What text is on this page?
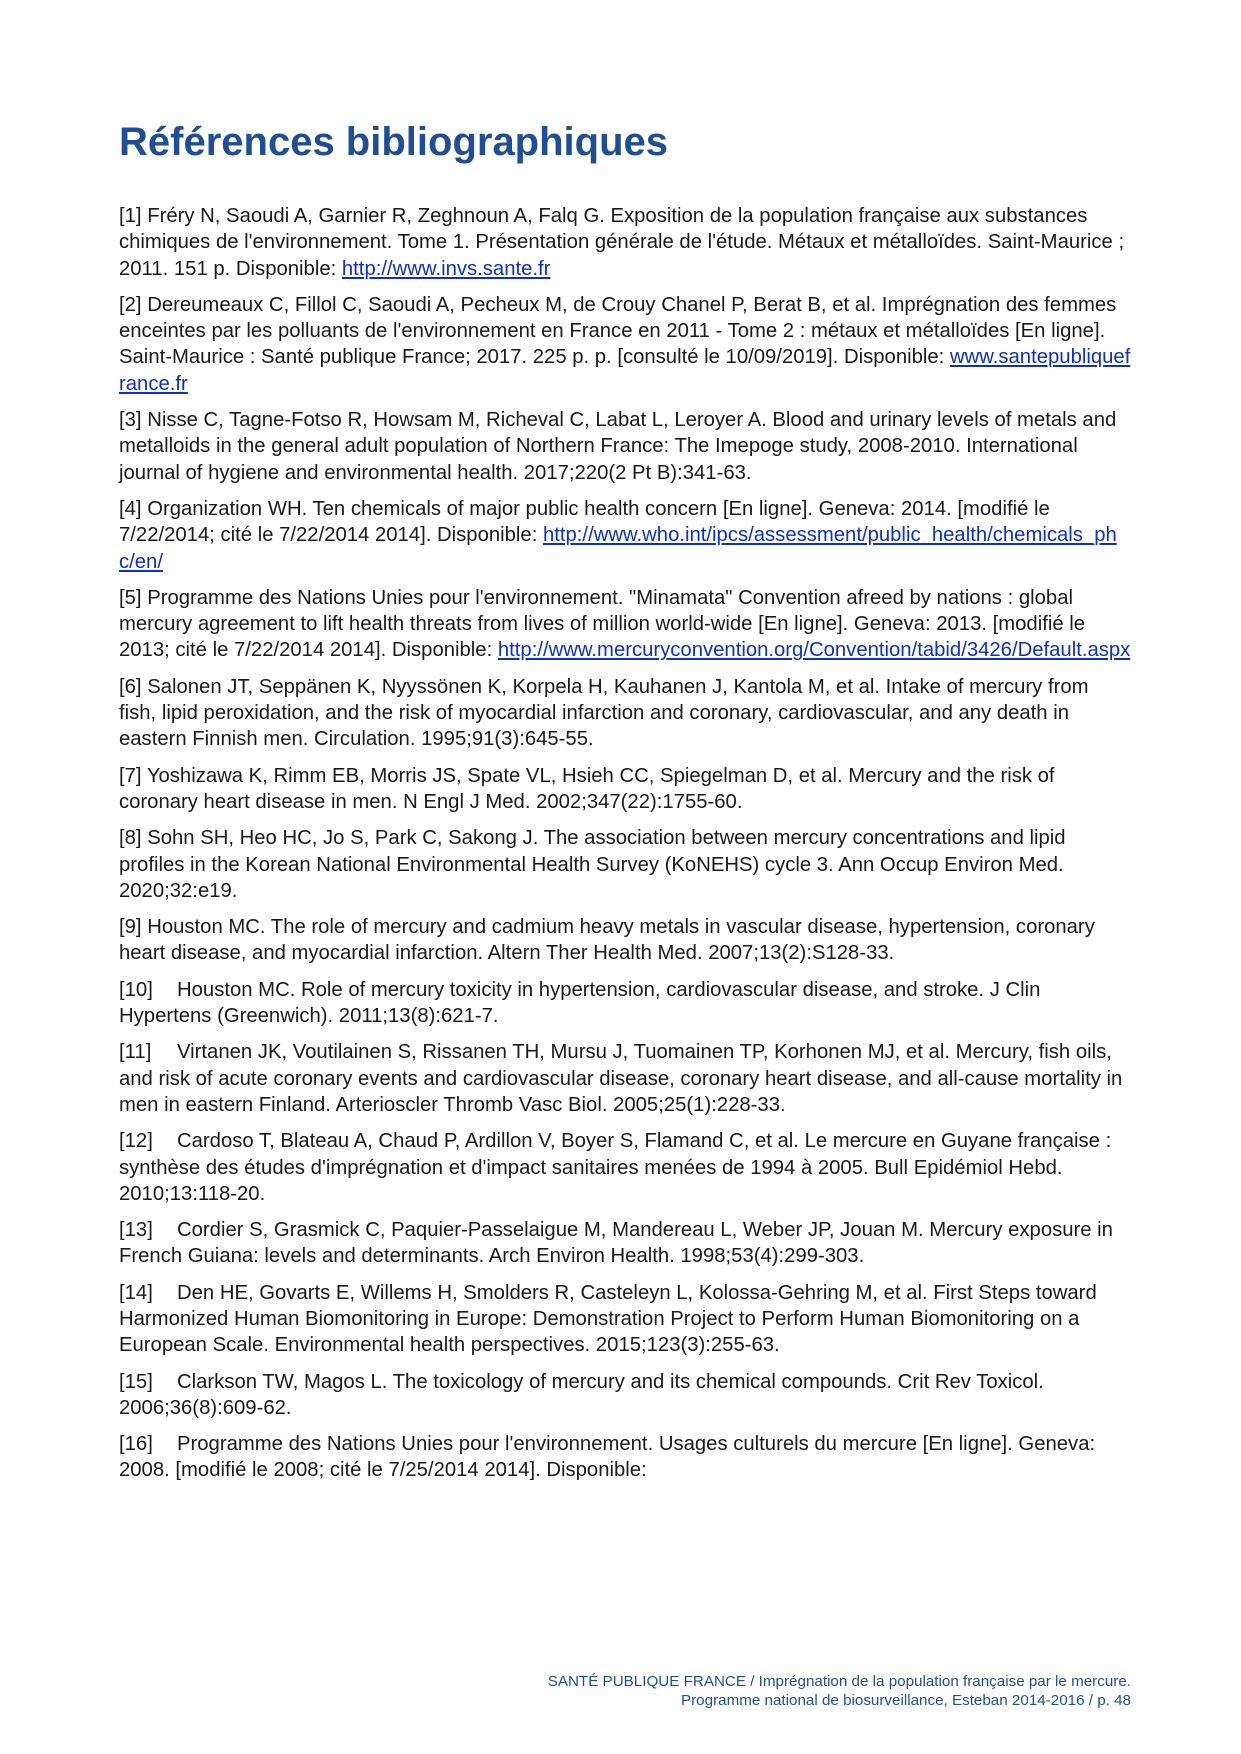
Références bibliographiques
[1] Fréry N, Saoudi A, Garnier R, Zeghnoun A, Falq G. Exposition de la population française aux substances chimiques de l'environnement. Tome 1. Présentation générale de l'étude. Métaux et métalloïdes. Saint-Maurice ; 2011. 151 p. Disponible: http://www.invs.sante.fr
[2] Dereumeaux C, Fillol C, Saoudi A, Pecheux M, de Crouy Chanel P, Berat B, et al. Imprégnation des femmes enceintes par les polluants de l'environnement en France en 2011 - Tome 2 : métaux et métalloïdes [En ligne]. Saint-Maurice : Santé publique France; 2017. 225 p. p. [consulté le 10/09/2019]. Disponible: www.santepubliquefrance.fr
[3] Nisse C, Tagne-Fotso R, Howsam M, Richeval C, Labat L, Leroyer A. Blood and urinary levels of metals and metalloids in the general adult population of Northern France: The Imepoge study, 2008-2010. International journal of hygiene and environmental health. 2017;220(2 Pt B):341-63.
[4] Organization WH. Ten chemicals of major public health concern [En ligne]. Geneva: 2014. [modifié le 7/22/2014; cité le 7/22/2014 2014]. Disponible: http://www.who.int/ipcs/assessment/public_health/chemicals_phc/en/
[5] Programme des Nations Unies pour l'environnement. "Minamata" Convention afreed by nations : global mercury agreement to lift health threats from lives of million world-wide [En ligne]. Geneva: 2013. [modifié le 2013; cité le 7/22/2014 2014]. Disponible: http://www.mercuryconvention.org/Convention/tabid/3426/Default.aspx
[6] Salonen JT, Seppänen K, Nyyssönen K, Korpela H, Kauhanen J, Kantola M, et al. Intake of mercury from fish, lipid peroxidation, and the risk of myocardial infarction and coronary, cardiovascular, and any death in eastern Finnish men. Circulation. 1995;91(3):645-55.
[7] Yoshizawa K, Rimm EB, Morris JS, Spate VL, Hsieh CC, Spiegelman D, et al. Mercury and the risk of coronary heart disease in men. N Engl J Med. 2002;347(22):1755-60.
[8] Sohn SH, Heo HC, Jo S, Park C, Sakong J. The association between mercury concentrations and lipid profiles in the Korean National Environmental Health Survey (KoNEHS) cycle 3. Ann Occup Environ Med. 2020;32:e19.
[9] Houston MC. The role of mercury and cadmium heavy metals in vascular disease, hypertension, coronary heart disease, and myocardial infarction. Altern Ther Health Med. 2007;13(2):S128-33.
[10] Houston MC. Role of mercury toxicity in hypertension, cardiovascular disease, and stroke. J Clin Hypertens (Greenwich). 2011;13(8):621-7.
[11] Virtanen JK, Voutilainen S, Rissanen TH, Mursu J, Tuomainen TP, Korhonen MJ, et al. Mercury, fish oils, and risk of acute coronary events and cardiovascular disease, coronary heart disease, and all-cause mortality in men in eastern Finland. Arterioscler Thromb Vasc Biol. 2005;25(1):228-33.
[12] Cardoso T, Blateau A, Chaud P, Ardillon V, Boyer S, Flamand C, et al. Le mercure en Guyane française : synthèse des études d'imprégnation et d'impact sanitaires menées de 1994 à 2005. Bull Epidémiol Hebd. 2010;13:118-20.
[13] Cordier S, Grasmick C, Paquier-Passelaigue M, Mandereau L, Weber JP, Jouan M. Mercury exposure in French Guiana: levels and determinants. Arch Environ Health. 1998;53(4):299-303.
[14] Den HE, Govarts E, Willems H, Smolders R, Casteleyn L, Kolossa-Gehring M, et al. First Steps toward Harmonized Human Biomonitoring in Europe: Demonstration Project to Perform Human Biomonitoring on a European Scale. Environmental health perspectives. 2015;123(3):255-63.
[15] Clarkson TW, Magos L. The toxicology of mercury and its chemical compounds. Crit Rev Toxicol. 2006;36(8):609-62.
[16] Programme des Nations Unies pour l'environnement. Usages culturels du mercure [En ligne]. Geneva: 2008. [modifié le 2008; cité le 7/25/2014 2014]. Disponible:
SANTÉ PUBLIQUE FRANCE / Imprégnation de la population française par le mercure.
Programme national de biosurveillance, Esteban 2014-2016 / p. 48
